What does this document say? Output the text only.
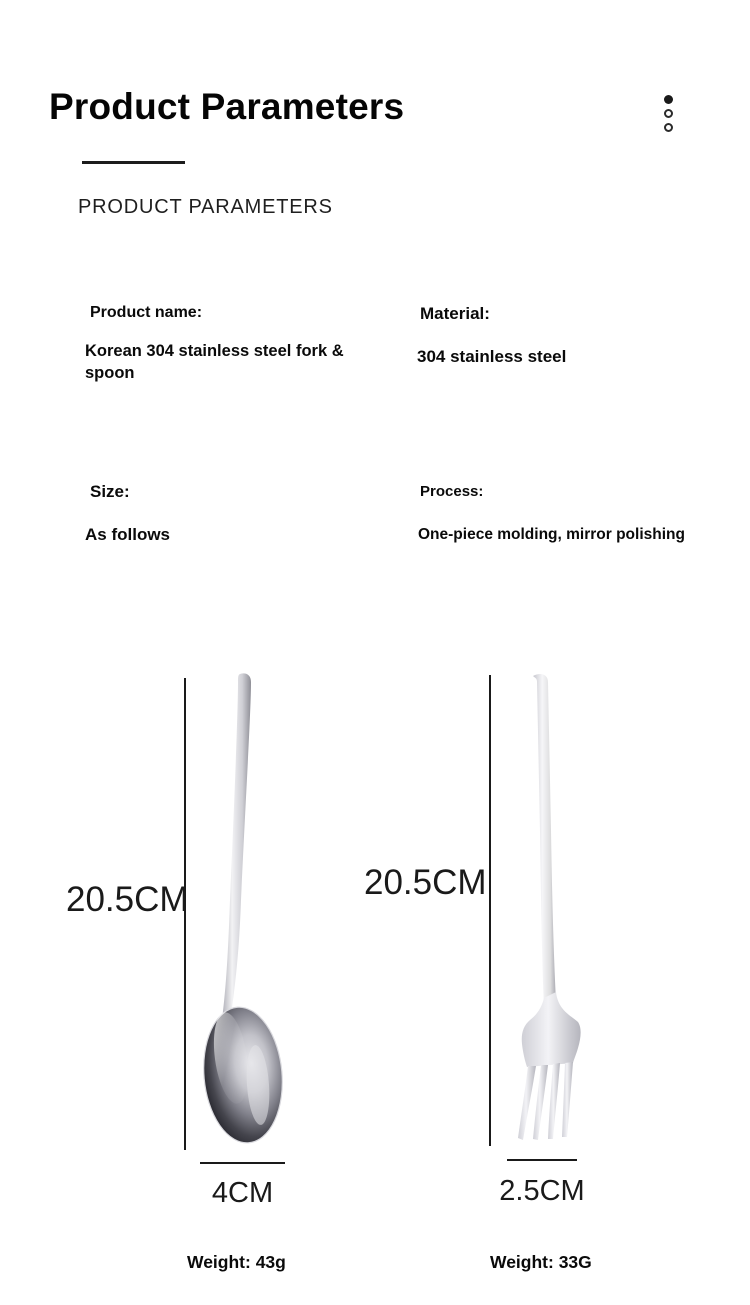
Product Parameters
PRODUCT PARAMETERS
Product name:
Korean 304 stainless steel fork & spoon
Material:
304 stainless steel
Size:
As follows
Process:
One-piece molding, mirror polishing
20.5CM
4CM
Weight: 43g
20.5CM
2.5CM
Weight: 33G
